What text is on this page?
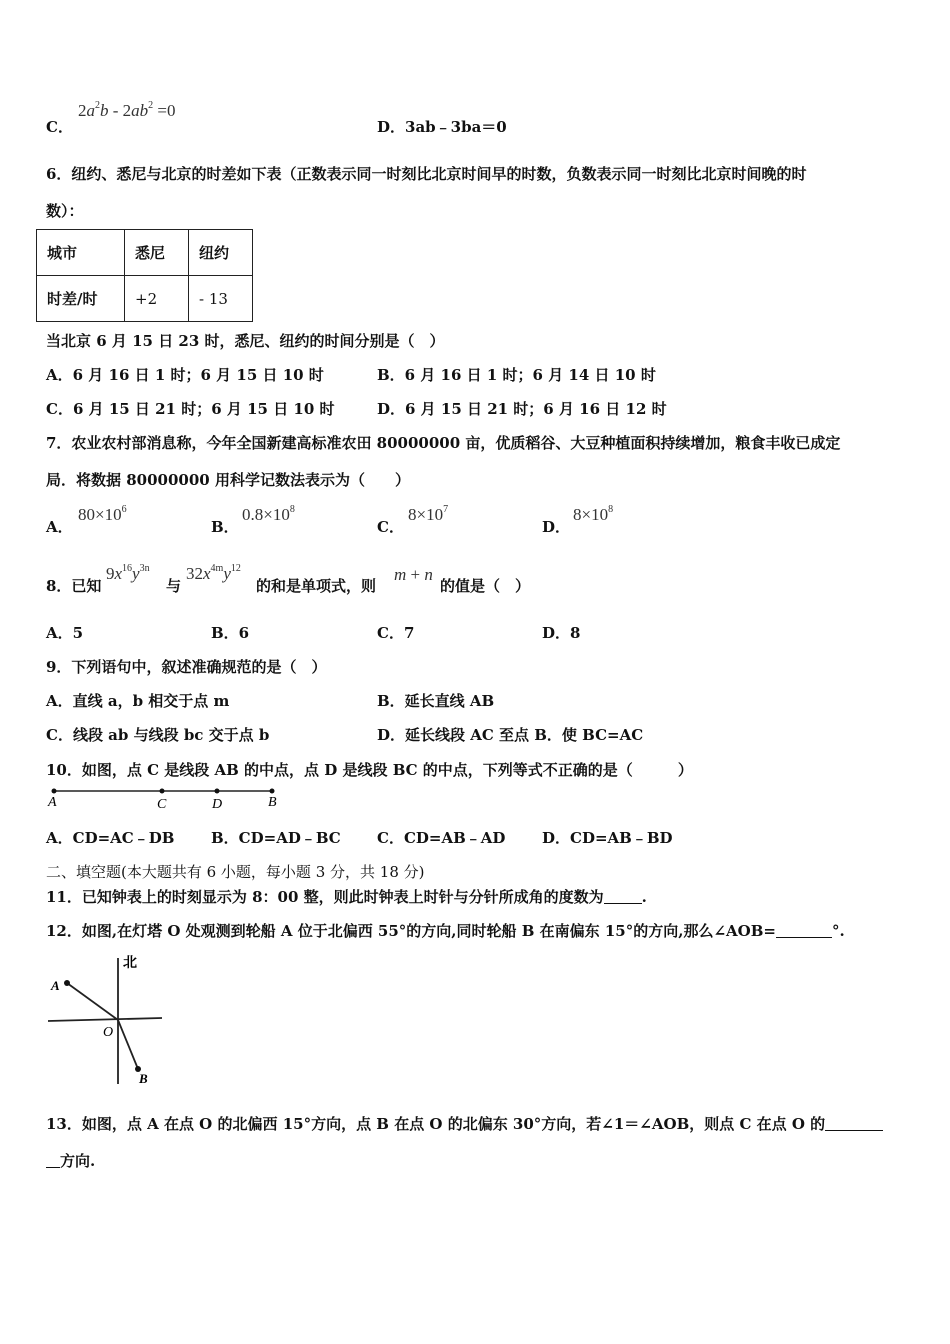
C．
$2a^2b - 2ab^2 =0$
D．3ab﹣3ba＝0
6．纽约、悉尼与北京的时差如下表（正数表示同一时刻比北京时间早的时数，负数表示同一时刻比北京时间晚的时
数）：
城市	悉尼	纽约
时差/时	+2	- 13
当北京 6 月 15 日 23 时，悉尼、纽约的时间分别是（　）
A．6 月 16 日 1 时；6 月 15 日 10 时	B．6 月 16 日 1 时；6 月 14 日 10 时
C．6 月 15 日 21 时；6 月 15 日 10 时	D．6 月 15 日 21 时；6 月 16 日 12 时
7．农业农村部消息称，今年全国新建高标准农田 80000000 亩，优质稻谷、大豆种植面积持续增加，粮食丰收已成定
局．将数据 80000000 用科学记数法表示为（　　）
A．
$80\times 10^6$
B．
$0.8\times 10^8$
C．
$8\times 10^7$
D．
$8\times 10^8$
8．已知
$9x^{16}y^{3n}$
与
$32x^{4m}y^{12}$
的和是单项式，则
m + n
的值是（　）
A．5	B．6	C．7	D．8
9．下列语句中，叙述准确规范的是（　）
A．直线 a，b 相交于点 m	B．延长直线 AB
C．线段 ab 与线段 bc 交于点 b	D．延长线段 AC 至点 B．使 BC=AC
10．如图，点 C 是线段 AB 的中点，点 D 是线段 BC 的中点，下列等式不正确的是（　　　）
A	C	D	B
A．CD=AC﹣DB B．CD=AD﹣BC C．CD=AB﹣AD D．CD=AB﹣BD
二、填空题(本大题共有 6 小题，每小题 3 分，共 18 分)
11．已知钟表上的时刻显示为 8：00 整，则此时钟表上时针与分针所成角的度数为	.
12．如图,在灯塔 O 处观测到轮船 A 位于北偏西 55°的方向,同时轮船 B 在南偏东 15°的方向,那么∠AOB=	°.
北
A
O
B
13．如图，点 A 在点 O 的北偏西 15°方向，点 B 在点 O 的北偏东 30°方向，若∠1＝∠AOB，则点 C 在点 O 的
方向.
